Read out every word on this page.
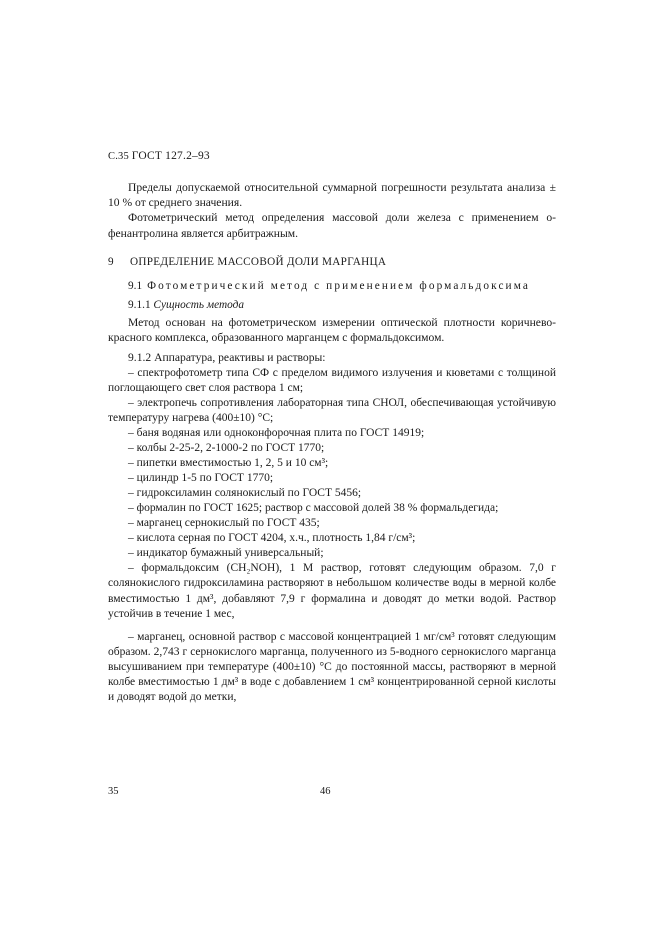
С.35 ГОСТ 127.2–93

Пределы допускаемой относительной суммарной погрешности результата анализа ± 10 % от среднего значения.

Фотометрический метод определения массовой доли железа с применением о-фенантролина является арбитражным.

9 ОПРЕДЕЛЕНИЕ МАССОВОЙ ДОЛИ МАРГАНЦА

9.1 Фотометрический метод с применением формальдоксима

9.1.1 Сущность метода

Метод основан на фотометрическом измерении оптической плотности коричнево-красного комплекса, образованного марганцем с формальдоксимом.

9.1.2 Аппаратура, реактивы и растворы:

– спектрофотометр типа СФ с пределом видимого излучения и кюветами с толщиной поглощающего свет слоя раствора 1 см;

– электропечь сопротивления лабораторная типа СНОЛ, обеспечивающая устойчивую температуру нагрева (400±10) °С;

– баня водяная или одноконфорочная плита по ГОСТ 14919;

– колбы 2-25-2, 2-1000-2 по ГОСТ 1770;

– пипетки вместимостью 1, 2, 5 и 10 см³;

– цилиндр 1-5 по ГОСТ 1770;

– гидроксиламин солянокислый по ГОСТ 5456;

– формалин по ГОСТ 1625; раствор с массовой долей 38 % формальдегида;

– марганец сернокислый по ГОСТ 435;

– кислота серная по ГОСТ 4204, х.ч., плотность 1,84 г/см³;

– индикатор бумажный универсальный;

– формальдоксим (CH₂NOH), 1 М раствор, готовят следующим образом. 7,0 г солянокислого гидроксиламина растворяют в небольшом количестве воды в мерной колбе вместимостью 1 дм³, добавляют 7,9 г формалина и доводят до метки водой. Раствор устойчив в течение 1 мес,

– марганец, основной раствор с массовой концентрацией 1 мг/см³ готовят следующим образом. 2,743 г сернокислого марганца, полученного из 5-водного сернокислого марганца высушиванием при температуре (400±10) °С до постоянной массы, растворяют в мерной колбе вместимостью 1 дм³ в воде с добавлением 1 см³ концентрированной серной кислоты и доводят водой до метки,

35	46
